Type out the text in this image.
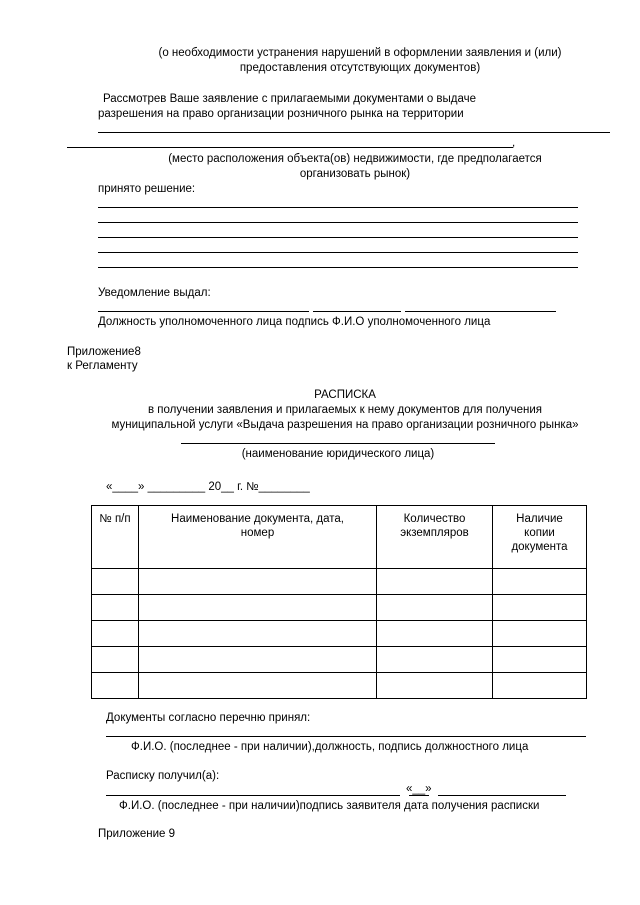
(о необходимости устранения нарушений в оформлении заявления и (или)
предоставления отсутствующих документов)
Рассмотрев Ваше заявление с прилагаемыми документами о выдаче
разрешения на право организации розничного рынка на территории
,
(место расположения объекта(ов) недвижимости, где предполагается
организовать рынок)
принято решение:
Уведомление выдал:
Должность уполномоченного лица подпись Ф.И.О уполномоченного лица
Приложение8
к Регламенту
РАСПИСКА
в получении заявления и прилагаемых к нему документов для получения
муниципальной услуги «Выдача разрешения на право организации розничного рынка»
(наименование юридического лица)
«____» _________ 20__ г. №________
№ п/п	Наименование документа, дата, номер	Количество экземпляров	Наличие копии документа

Документы согласно перечню принял:
Ф.И.О. (последнее - при наличии),должность, подпись должностного лица
Расписку получил(а):
«__»
Ф.И.О. (последнее - при наличии)подпись заявителя дата получения расписки
Приложение 9
